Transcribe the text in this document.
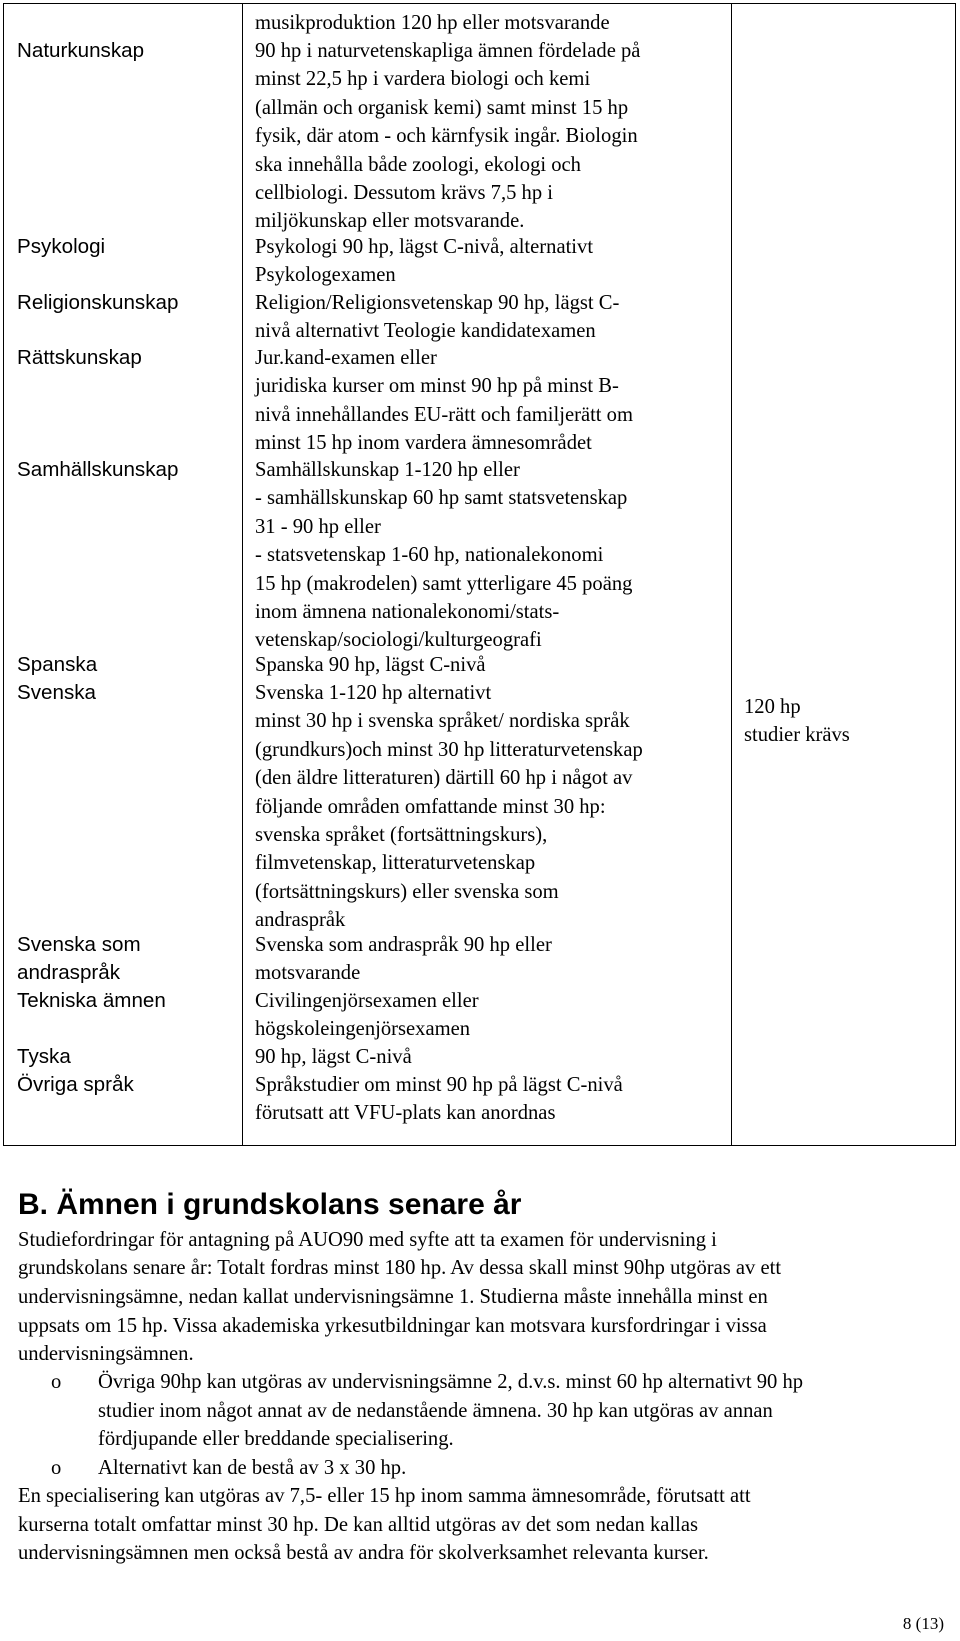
Naturkunskap
Psykologi
Religionskunskap
Rättskunskap
Samhällskunskap
Spanska
Svenska
Svenska som
andraspråk
Tekniska ämnen
Tyska
Övriga språk
musikproduktion 120 hp eller motsvarande
90 hp i naturvetenskapliga ämnen fördelade på
minst 22,5 hp i vardera biologi och kemi
(allmän och organisk kemi) samt minst 15 hp
fysik, där atom - och kärnfysik ingår. Biologin
ska innehålla både zoologi, ekologi och
cellbiologi. Dessutom krävs 7,5 hp i
miljökunskap eller motsvarande.
Psykologi 90 hp, lägst C-nivå, alternativt
Psykologexamen
Religion/Religionsvetenskap 90 hp, lägst C-
nivå alternativt Teologie kandidatexamen
Jur.kand-examen eller
juridiska kurser om minst 90 hp på minst B-
nivå innehållandes EU-rätt och familjerätt om
minst 15 hp inom vardera ämnesområdet
Samhällskunskap 1-120 hp eller
- samhällskunskap 60 hp samt statsvetenskap
31 - 90 hp eller
- statsvetenskap 1-60 hp, nationalekonomi
15 hp (makrodelen) samt ytterligare 45 poäng
inom ämnena nationalekonomi/stats-
vetenskap/sociologi/kulturgeografi
Spanska 90 hp, lägst C-nivå
Svenska 1-120 hp alternativt
minst 30 hp i svenska språket/ nordiska språk
(grundkurs)och minst 30 hp litteraturvetenskap
(den äldre litteraturen) därtill 60 hp i något av
följande områden omfattande minst 30 hp:
svenska språket (fortsättningskurs),
filmvetenskap, litteraturvetenskap
(fortsättningskurs) eller svenska som
andraspråk
Svenska som andraspråk 90 hp eller
motsvarande
Civilingenjörsexamen eller
högskoleingenjörsexamen
90 hp, lägst C-nivå
Språkstudier om minst 90 hp på lägst C-nivå
förutsatt att VFU-plats kan anordnas
120 hp
studier krävs
B. Ämnen i grundskolans senare år
Studiefordringar för antagning på AUO90 med syfte att ta examen för undervisning i
grundskolans senare år: Totalt fordras minst 180 hp. Av dessa skall minst 90hp utgöras av ett
undervisningsämne, nedan kallat undervisningsämne 1. Studierna måste innehålla minst en
uppsats om 15 hp. Vissa akademiska yrkesutbildningar kan motsvara kursfordringar i vissa
undervisningsämnen.
o Övriga 90hp kan utgöras av undervisningsämne 2, d.v.s. minst 60 hp alternativt 90 hp
studier inom något annat av de nedanstående ämnena. 30 hp kan utgöras av annan
fördjupande eller breddande specialisering.
o Alternativt kan de bestå av 3 x 30 hp.
En specialisering kan utgöras av 7,5- eller 15 hp inom samma ämnesområde, förutsatt att
kurserna totalt omfattar minst 30 hp. De kan alltid utgöras av det som nedan kallas
undervisningsämnen men också bestå av andra för skolverksamhet relevanta kurser.
8 (13)
